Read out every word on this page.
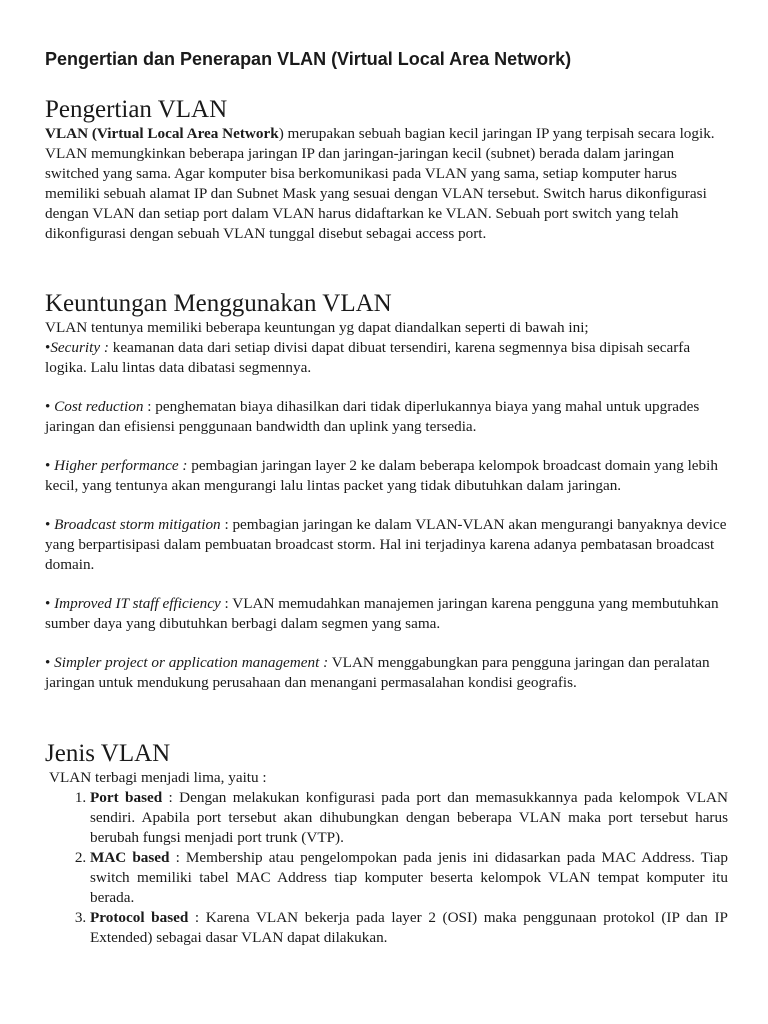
Pengertian dan Penerapan VLAN (Virtual Local Area Network)
Pengertian VLAN

VLAN (Virtual Local Area Network) merupakan sebuah bagian kecil jaringan IP yang terpisah secara logik. VLAN memungkinkan beberapa jaringan IP dan jaringan-jaringan kecil (subnet) berada dalam jaringan switched yang sama. Agar komputer bisa berkomunikasi pada VLAN yang sama, setiap komputer harus memiliki sebuah alamat IP dan Subnet Mask yang sesuai dengan VLAN tersebut. Switch harus dikonfigurasi dengan VLAN dan setiap port dalam VLAN harus didaftarkan ke VLAN. Sebuah port switch yang telah dikonfigurasi dengan sebuah VLAN tunggal disebut sebagai access port.

Keuntungan Menggunakan VLAN

VLAN tentunya memiliki beberapa keuntungan yg dapat diandalkan seperti di bawah ini;

•Security : keamanan data dari setiap divisi dapat dibuat tersendiri, karena segmennya bisa dipisah secarfa logika. Lalu lintas data dibatasi segmennya.

• Cost reduction : penghematan biaya dihasilkan dari tidak diperlukannya biaya yang mahal untuk upgrades jaringan dan efisiensi penggunaan bandwidth dan uplink yang tersedia.

• Higher performance : pembagian jaringan layer 2 ke dalam beberapa kelompok broadcast domain yang lebih kecil, yang tentunya akan mengurangi lalu lintas packet yang tidak dibutuhkan dalam jaringan.

• Broadcast storm mitigation : pembagian jaringan ke dalam VLAN-VLAN akan mengurangi banyaknya device yang berpartisipasi dalam pembuatan broadcast storm. Hal ini terjadinya karena adanya pembatasan broadcast domain.

• Improved IT staff efficiency : VLAN memudahkan manajemen jaringan karena pengguna yang membutuhkan sumber daya yang dibutuhkan berbagi dalam segmen yang sama.

• Simpler project or application management : VLAN menggabungkan para pengguna jaringan dan peralatan jaringan untuk mendukung perusahaan dan menangani permasalahan kondisi geografis.

Jenis VLAN

VLAN terbagi menjadi lima, yaitu :

1. Port based : Dengan melakukan konfigurasi pada port dan memasukkannya pada kelompok VLAN sendiri. Apabila port tersebut akan dihubungkan dengan beberapa VLAN maka port tersebut harus berubah fungsi menjadi port trunk (VTP).
2. MAC based : Membership atau pengelompokan pada jenis ini didasarkan pada MAC Address. Tiap switch memiliki tabel MAC Address tiap komputer beserta kelompok VLAN tempat komputer itu berada.
3. Protocol based : Karena VLAN bekerja pada layer 2 (OSI) maka penggunaan protokol (IP dan IP Extended) sebagai dasar VLAN dapat dilakukan.
